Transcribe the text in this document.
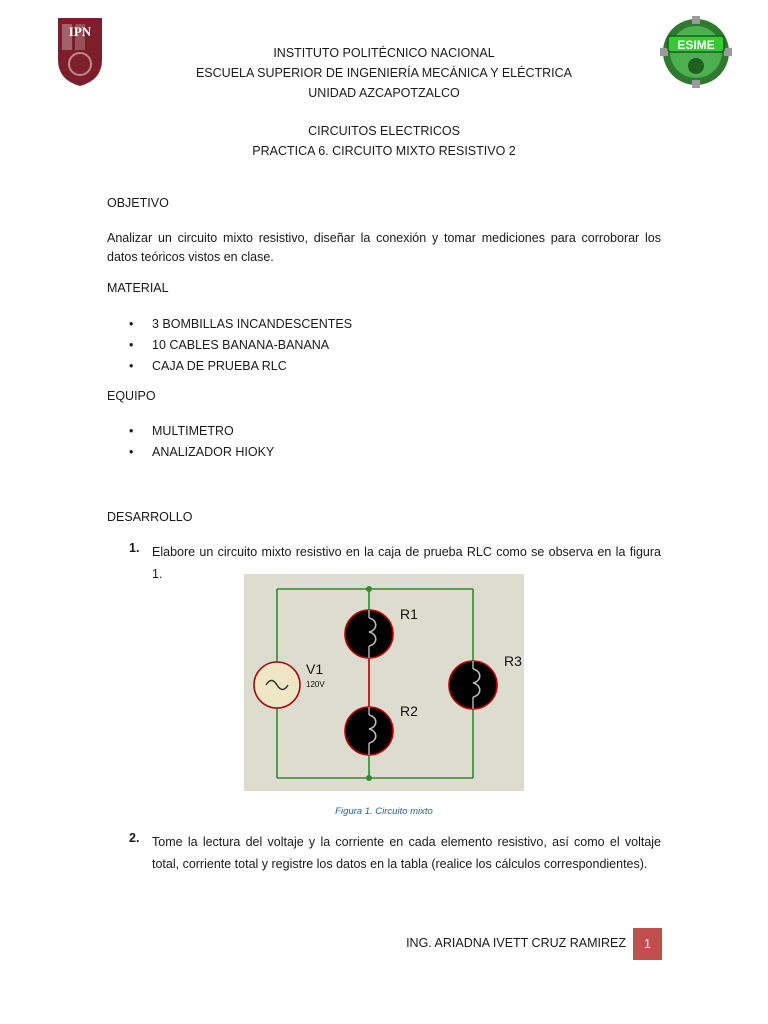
IPN
ESIME
INSTITUTO POLITÉCNICO NACIONAL
ESCUELA SUPERIOR DE INGENIERÍA MECÁNICA Y ELÉCTRICA
UNIDAD AZCAPOTZALCO
CIRCUITOS ELECTRICOS
PRACTICA 6. CIRCUITO MIXTO RESISTIVO 2
OBJETIVO
Analizar un circuito mixto resistivo, diseñar la conexión y tomar mediciones para corroborar los datos teóricos vistos en clase.
MATERIAL
• 3 BOMBILLAS INCANDESCENTES
• 10 CABLES BANANA-BANANA
• CAJA DE PRUEBA RLC
EQUIPO
• MULTIMETRO
• ANALIZADOR HIOKY
DESARROLLO
1. Elabore un circuito mixto resistivo en la caja de prueba RLC como se observa en la figura 1.
V1
120V
R1
R2
R3
Figura 1. Circuito mixto
2. Tome la lectura del voltaje y la corriente en cada elemento resistivo, así como el voltaje total, corriente total y registre los datos en la tabla (realice los cálculos correspondientes).
ING. ARIADNA IVETT CRUZ RAMIREZ	1
